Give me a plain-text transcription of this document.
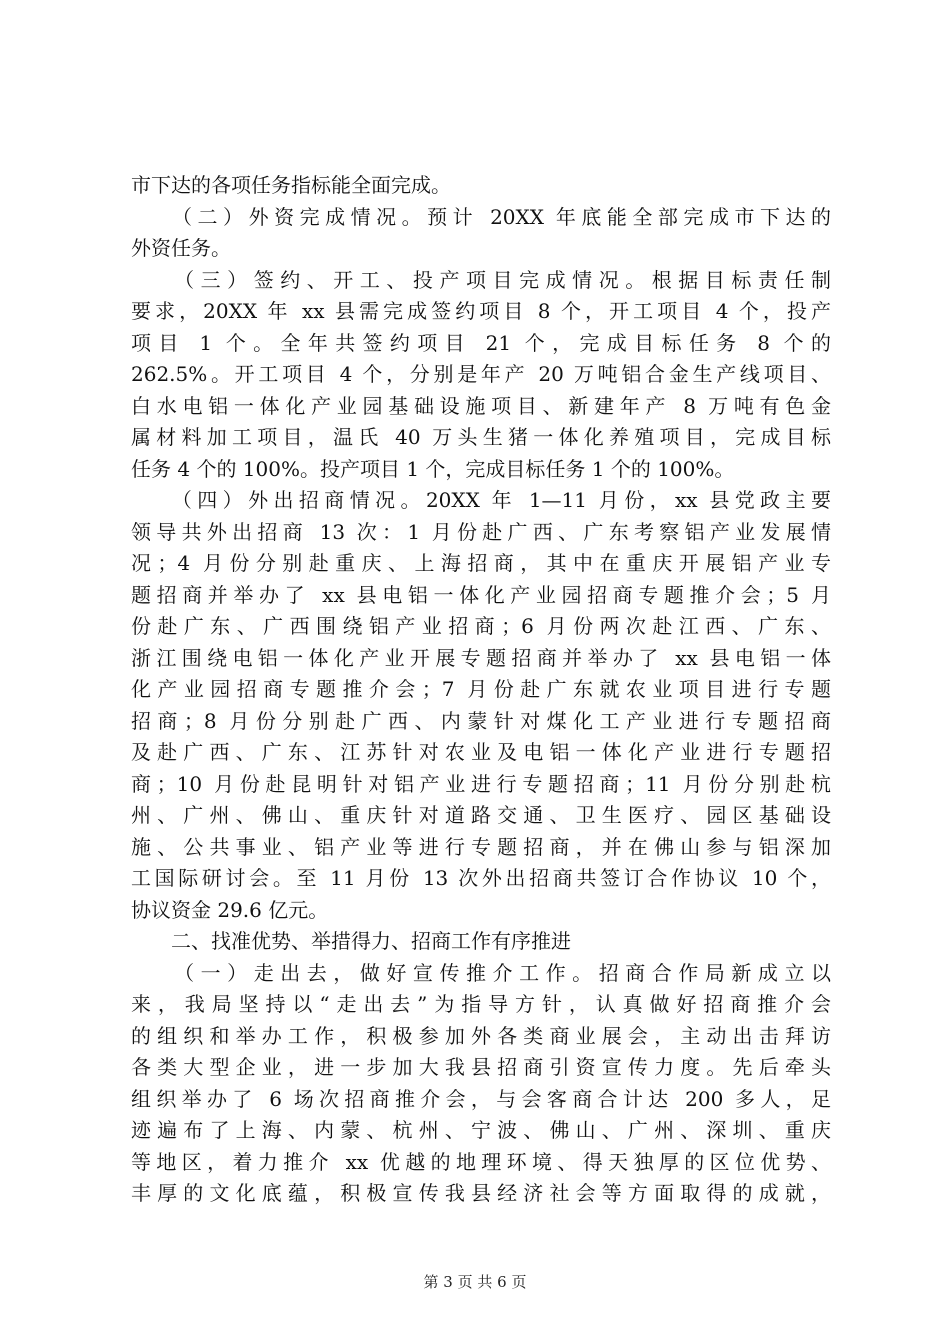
市下达的各项任务指标能全面完成。
　　（二）外资完成情况。预计 20XX 年底能全部完成市下达的
外资任务。
　　（三）签约、开工、投产项目完成情况。根据目标责任制
要求，20XX 年 xx 县需完成签约项目 8 个，开工项目 4 个，投产
项目 1 个。全年共签约项目 21 个，完成目标任务 8 个的
262.5%。开工项目 4 个，分别是年产 20 万吨铝合金生产线项目、
白水电铝一体化产业园基础设施项目、新建年产 8 万吨有色金
属材料加工项目，温氏 40 万头生猪一体化养殖项目，完成目标
任务 4 个的 100%。投产项目 1 个，完成目标任务 1 个的 100%。
　　（四）外出招商情况。20XX 年 1—11 月份，xx 县党政主要
领导共外出招商 13 次：1 月份赴广西、广东考察铝产业发展情
况；4 月份分别赴重庆、上海招商，其中在重庆开展铝产业专
题招商并举办了 xx 县电铝一体化产业园招商专题推介会；5 月
份赴广东、广西围绕铝产业招商；6 月份两次赴江西、广东、
浙江围绕电铝一体化产业开展专题招商并举办了 xx 县电铝一体
化产业园招商专题推介会；7 月份赴广东就农业项目进行专题
招商；8 月份分别赴广西、内蒙针对煤化工产业进行专题招商
及赴广西、广东、江苏针对农业及电铝一体化产业进行专题招
商；10 月份赴昆明针对铝产业进行专题招商；11 月份分别赴杭
州、广州、佛山、重庆针对道路交通、卫生医疗、园区基础设
施、公共事业、铝产业等进行专题招商，并在佛山参与铝深加
工国际研讨会。至 11 月份 13 次外出招商共签订合作协议 10 个，
协议资金 29.6 亿元。
　　二、找准优势、举措得力、招商工作有序推进
　　（一）走出去，做好宣传推介工作。招商合作局新成立以
来，我局坚持以“走出去”为指导方针，认真做好招商推介会
的组织和举办工作，积极参加外各类商业展会，主动出击拜访
各类大型企业，进一步加大我县招商引资宣传力度。先后牵头
组织举办了 6 场次招商推介会，与会客商合计达 200 多人，足
迹遍布了上海、内蒙、杭州、宁波、佛山、广州、深圳、重庆
等地区，着力推介 xx 优越的地理环境、得天独厚的区位优势、
丰厚的文化底蕴，积极宣传我县经济社会等方面取得的成就，
第 3 页 共 6 页
